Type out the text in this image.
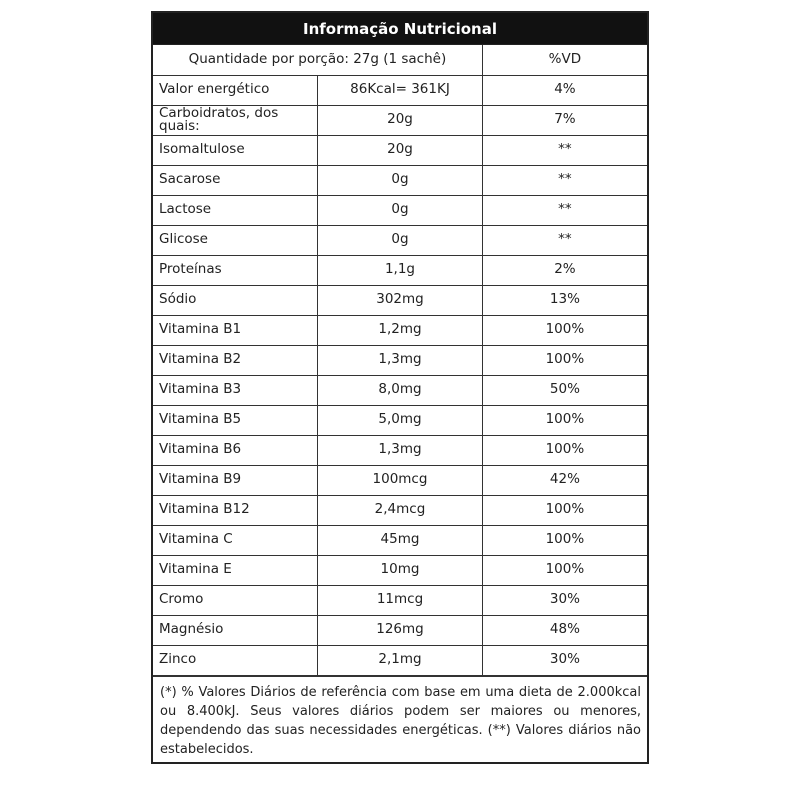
Informação Nutricional
Quantidade por porção: 27g (1 sachê)		%VD
Valor energético	86Kcal= 361KJ	4%
Carboidratos, dos quais:	20g	7%
Isomaltulose	20g	**
Sacarose	0g	**
Lactose	0g	**
Glicose	0g	**
Proteínas	1,1g	2%
Sódio	302mg	13%
Vitamina B1	1,2mg	100%
Vitamina B2	1,3mg	100%
Vitamina B3	8,0mg	50%
Vitamina B5	5,0mg	100%
Vitamina B6	1,3mg	100%
Vitamina B9	100mcg	42%
Vitamina B12	2,4mcg	100%
Vitamina C	45mg	100%
Vitamina E	10mg	100%
Cromo	11mcg	30%
Magnésio	126mg	48%
Zinco	2,1mg	30%
(*) % Valores Diários de referência com base em uma dieta de 2.000kcal ou 8.400kJ. Seus valores diários podem ser maiores ou menores, dependendo das suas necessidades energéticas. (**) Valores diários não estabelecidos.
